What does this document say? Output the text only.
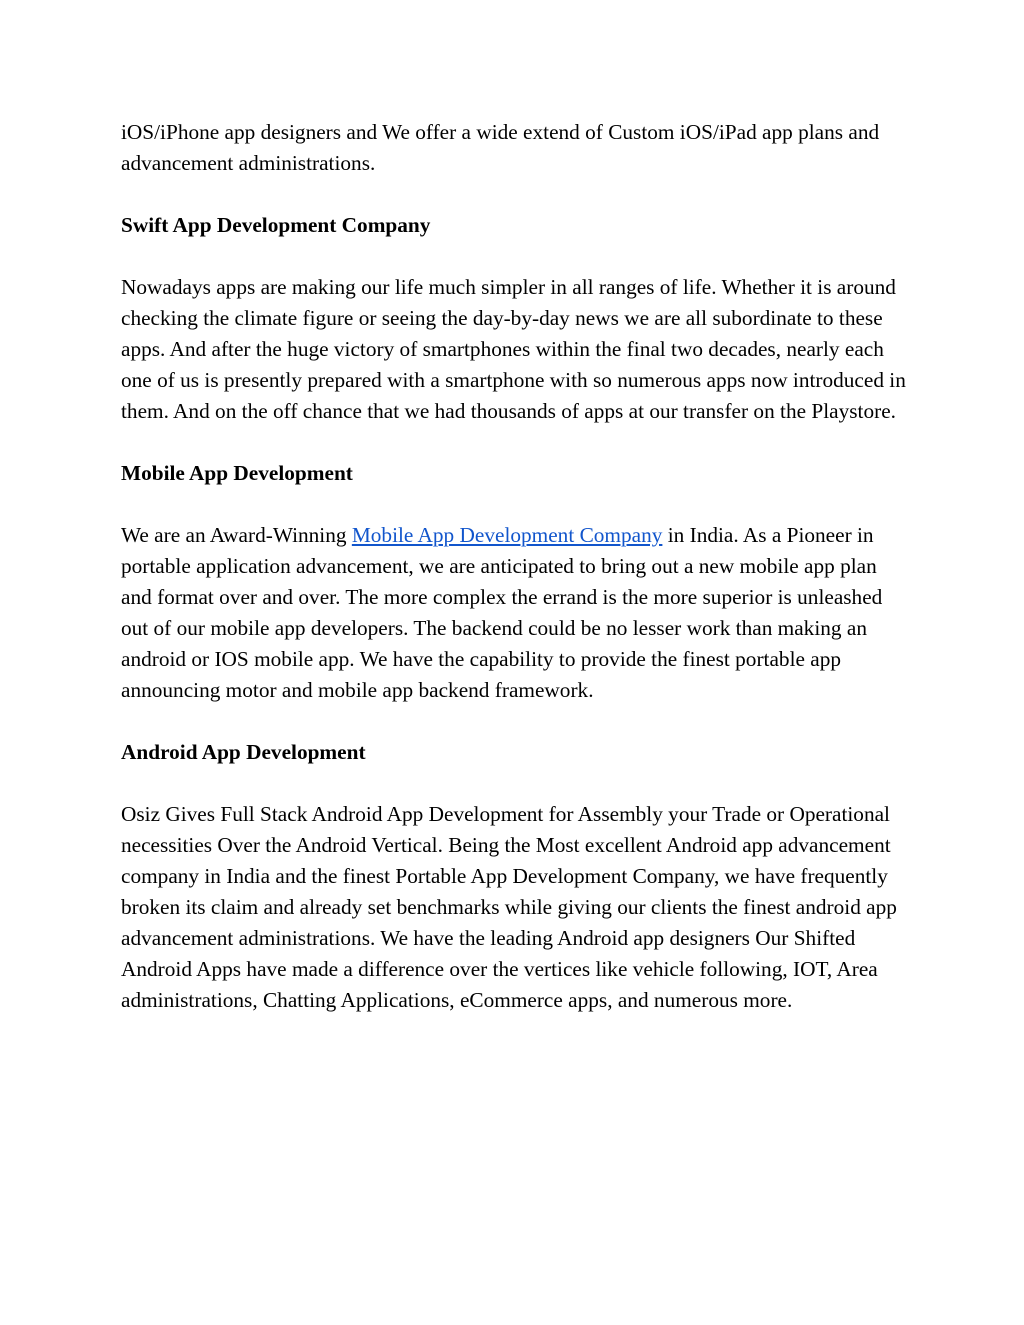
iOS/iPhone app designers and We offer a wide extend of Custom iOS/iPad app plans and advancement administrations.

Swift App Development Company

Nowadays apps are making our life much simpler in all ranges of life. Whether it is around checking the climate figure or seeing the day-by-day news we are all subordinate to these apps. And after the huge victory of smartphones within the final two decades, nearly each one of us is presently prepared with a smartphone with so numerous apps now introduced in them. And on the off chance that we had thousands of apps at our transfer on the Playstore.

Mobile App Development

We are an Award-Winning Mobile App Development Company in India. As a Pioneer in portable application advancement, we are anticipated to bring out a new mobile app plan and format over and over. The more complex the errand is the more superior is unleashed out of our mobile app developers. The backend could be no lesser work than making an android or IOS mobile app. We have the capability to provide the finest portable app announcing motor and mobile app backend framework.

Android App Development

Osiz Gives Full Stack Android App Development for Assembly your Trade or Operational necessities Over the Android Vertical. Being the Most excellent Android app advancement company in India and the finest Portable App Development Company, we have frequently broken its claim and already set benchmarks while giving our clients the finest android app advancement administrations. We have the leading Android app designers Our Shifted Android Apps have made a difference over the vertices like vehicle following, IOT, Area administrations, Chatting Applications, eCommerce apps, and numerous more.
